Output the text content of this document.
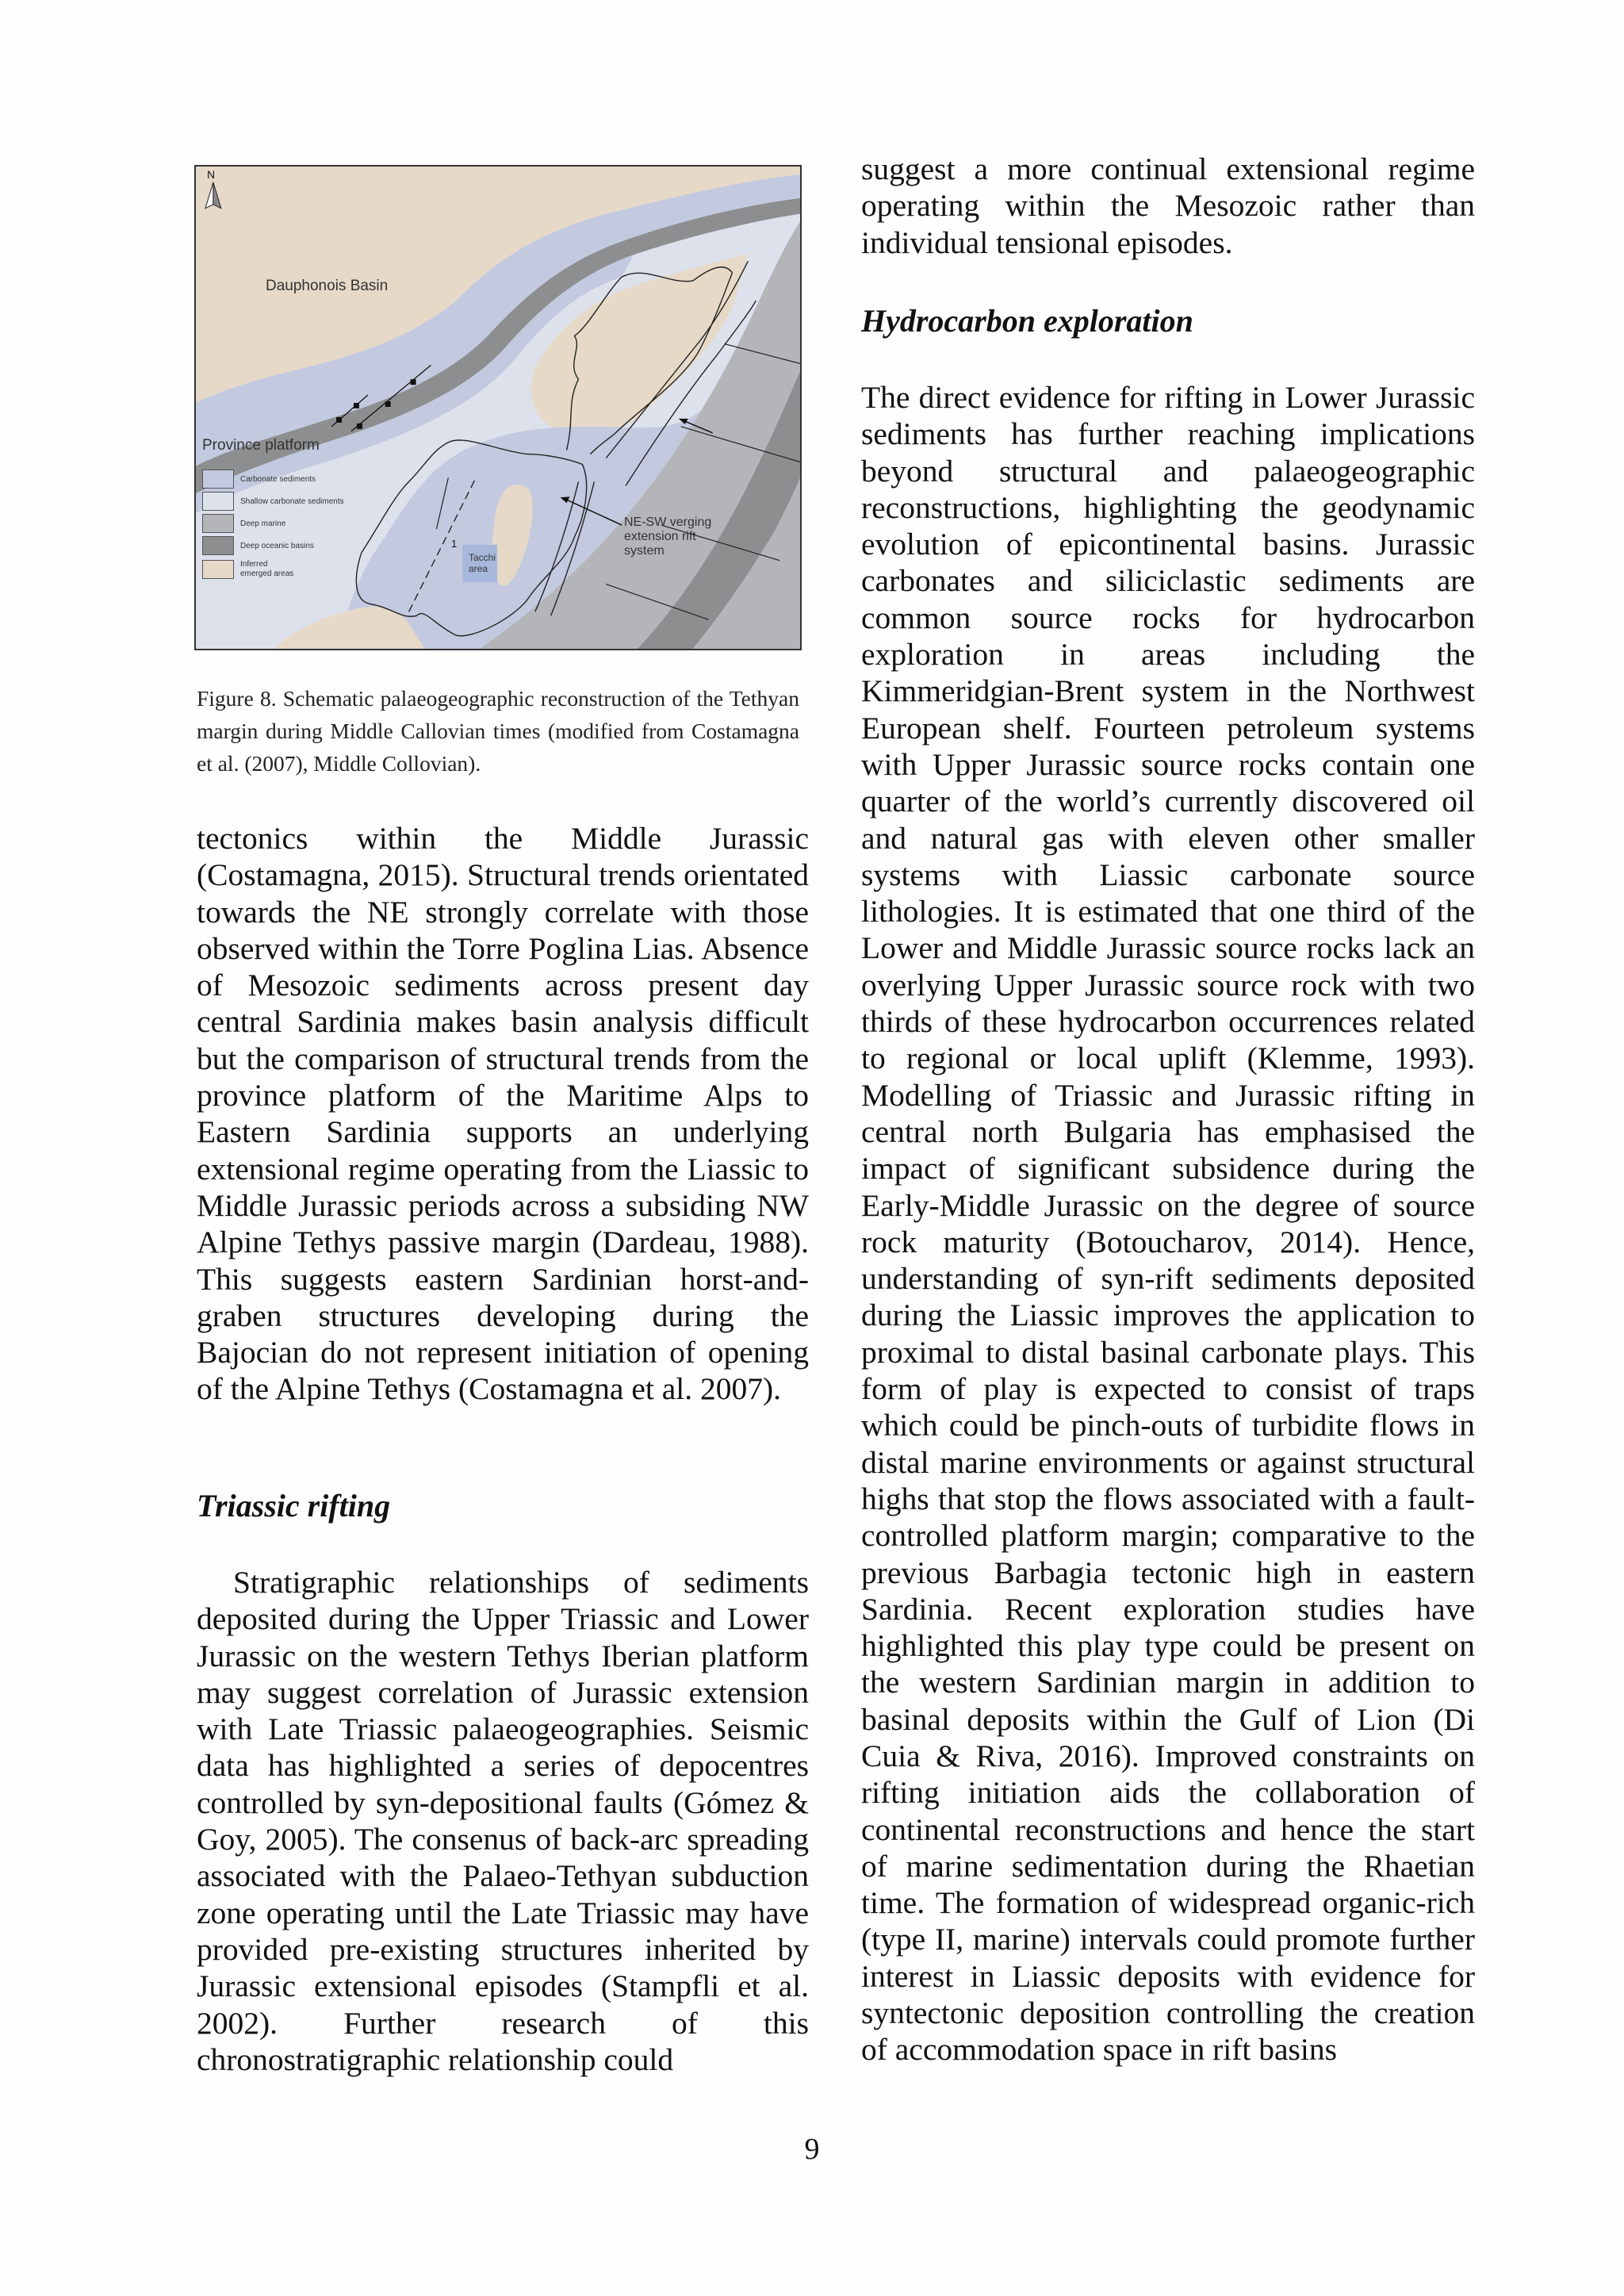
N
Dauphonois Basin
Province platform
NE-SW verging
extension rift
system
Tacchi
area
1
Carbonate sediments
Shallow carbonate sediments
Deep marine
Deep oceanic basins
Inferred emerged areas

Figure 8. Schematic palaeogeographic reconstruction of the Tethyan margin during Middle Callovian times (modified from Costamagna et al. (2007), Middle Collovian).

tectonics within the Middle Jurassic (Costamagna, 2015). Structural trends orientated towards the NE strongly correlate with those observed within the Torre Poglina Lias. Absence of Mesozoic sediments across present day central Sardinia makes basin analysis difficult but the comparison of structural trends from the province platform of the Maritime Alps to Eastern Sardinia supports an underlying extensional regime operating from the Liassic to Middle Jurassic periods across a subsiding NW Alpine Tethys passive margin (Dardeau, 1988). This suggests eastern Sardinian horst-and-graben structures developing during the Bajocian do not represent initiation of opening of the Alpine Tethys (Costamagna et al. 2007).

Triassic rifting

Stratigraphic relationships of sediments deposited during the Upper Triassic and Lower Jurassic on the western Tethys Iberian platform may suggest correlation of Jurassic extension with Late Triassic palaeogeographies. Seismic data has highlighted a series of depocentres controlled by syn-depositional faults (Gómez & Goy, 2005). The consenus of back-arc spreading associated with the Palaeo-Tethyan subduction zone operating until the Late Triassic may have provided pre-existing structures inherited by Jurassic extensional episodes (Stampfli et al. 2002). Further research of this chronostratigraphic relationship could

suggest a more continual extensional regime operating within the Mesozoic rather than individual tensional episodes.

Hydrocarbon exploration

The direct evidence for rifting in Lower Jurassic sediments has further reaching implications beyond structural and palaeogeographic reconstructions, highlighting the geodynamic evolution of epicontinental basins. Jurassic carbonates and siliciclastic sediments are common source rocks for hydrocarbon exploration in areas including the Kimmeridgian-Brent system in the Northwest European shelf. Fourteen petroleum systems with Upper Jurassic source rocks contain one quarter of the world’s currently discovered oil and natural gas with eleven other smaller systems with Liassic carbonate source lithologies. It is estimated that one third of the Lower and Middle Jurassic source rocks lack an overlying Upper Jurassic source rock with two thirds of these hydrocarbon occurrences related to regional or local uplift (Klemme, 1993). Modelling of Triassic and Jurassic rifting in central north Bulgaria has emphasised the impact of significant subsidence during the Early-Middle Jurassic on the degree of source rock maturity (Botoucharov, 2014). Hence, understanding of syn-rift sediments deposited during the Liassic improves the application to proximal to distal basinal carbonate plays. This form of play is expected to consist of traps which could be pinch-outs of turbidite flows in distal marine environments or against structural highs that stop the flows associated with a fault-controlled platform margin; comparative to the previous Barbagia tectonic high in eastern Sardinia. Recent exploration studies have highlighted this play type could be present on the western Sardinian margin in addition to basinal deposits within the Gulf of Lion (Di Cuia & Riva, 2016). Improved constraints on rifting initiation aids the collaboration of continental reconstructions and hence the start of marine sedimentation during the Rhaetian time. The formation of widespread organic-rich (type II, marine) intervals could promote further interest in Liassic deposits with evidence for syntectonic deposition controlling the creation of accommodation space in rift basins

9
